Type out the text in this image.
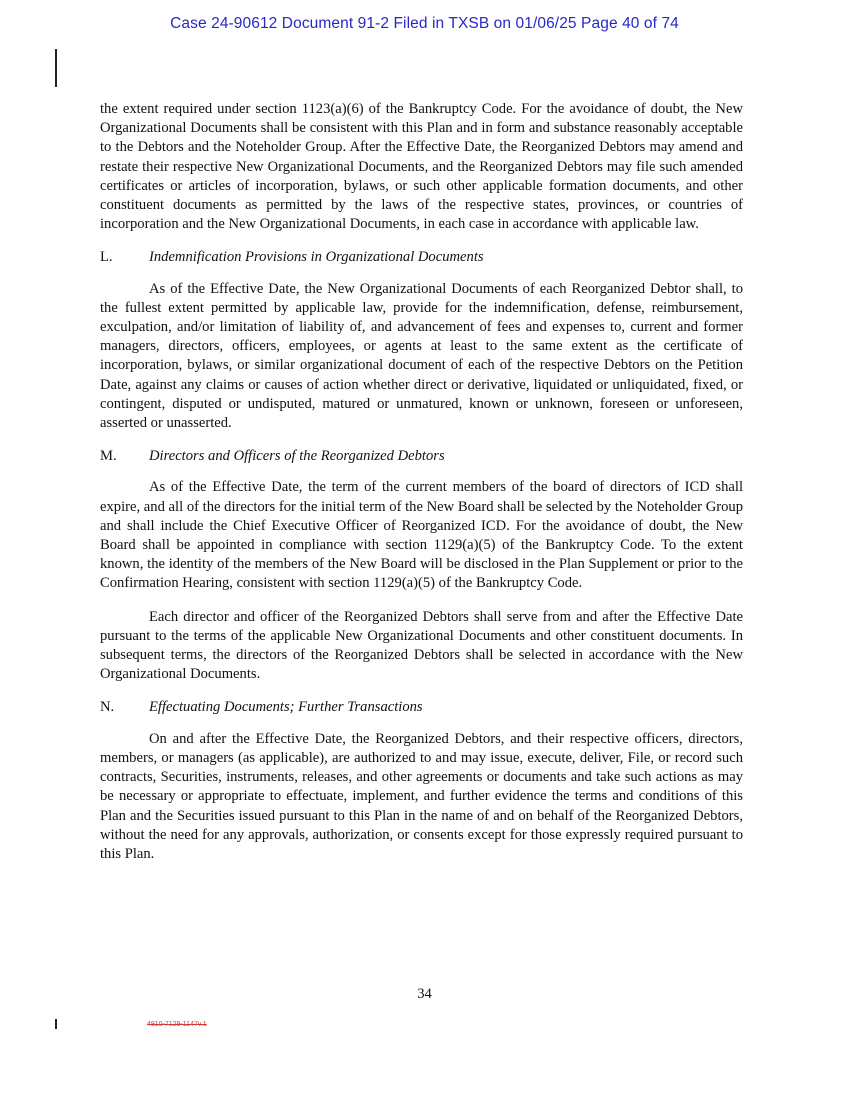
Case 24-90612 Document 91-2 Filed in TXSB on 01/06/25 Page 40 of 74

the extent required under section 1123(a)(6) of the Bankruptcy Code. For the avoidance of doubt, the New Organizational Documents shall be consistent with this Plan and in form and substance reasonably acceptable to the Debtors and the Noteholder Group. After the Effective Date, the Reorganized Debtors may amend and restate their respective New Organizational Documents, and the Reorganized Debtors may file such amended certificates or articles of incorporation, bylaws, or such other applicable formation documents, and other constituent documents as permitted by the laws of the respective states, provinces, or countries of incorporation and the New Organizational Documents, in each case in accordance with applicable law.

L.	Indemnification Provisions in Organizational Documents

As of the Effective Date, the New Organizational Documents of each Reorganized Debtor shall, to the fullest extent permitted by applicable law, provide for the indemnification, defense, reimbursement, exculpation, and/or limitation of liability of, and advancement of fees and expenses to, current and former managers, directors, officers, employees, or agents at least to the same extent as the certificate of incorporation, bylaws, or similar organizational document of each of the respective Debtors on the Petition Date, against any claims or causes of action whether direct or derivative, liquidated or unliquidated, fixed, or contingent, disputed or undisputed, matured or unmatured, known or unknown, foreseen or unforeseen, asserted or unasserted.

M.	Directors and Officers of the Reorganized Debtors

As of the Effective Date, the term of the current members of the board of directors of ICD shall expire, and all of the directors for the initial term of the New Board shall be selected by the Noteholder Group and shall include the Chief Executive Officer of Reorganized ICD. For the avoidance of doubt, the New Board shall be appointed in compliance with section 1129(a)(5) of the Bankruptcy Code. To the extent known, the identity of the members of the New Board will be disclosed in the Plan Supplement or prior to the Confirmation Hearing, consistent with section 1129(a)(5) of the Bankruptcy Code.

Each director and officer of the Reorganized Debtors shall serve from and after the Effective Date pursuant to the terms of the applicable New Organizational Documents and other constituent documents. In subsequent terms, the directors of the Reorganized Debtors shall be selected in accordance with the New Organizational Documents.

N.	Effectuating Documents; Further Transactions

On and after the Effective Date, the Reorganized Debtors, and their respective officers, directors, members, or managers (as applicable), are authorized to and may issue, execute, deliver, File, or record such contracts, Securities, instruments, releases, and other agreements or documents and take such actions as may be necessary or appropriate to effectuate, implement, and further evidence the terms and conditions of this Plan and the Securities issued pursuant to this Plan in the name of and on behalf of the Reorganized Debtors, without the need for any approvals, authorization, or consents except for those expressly required pursuant to this Plan.

34
4910-7129-1147v.1
